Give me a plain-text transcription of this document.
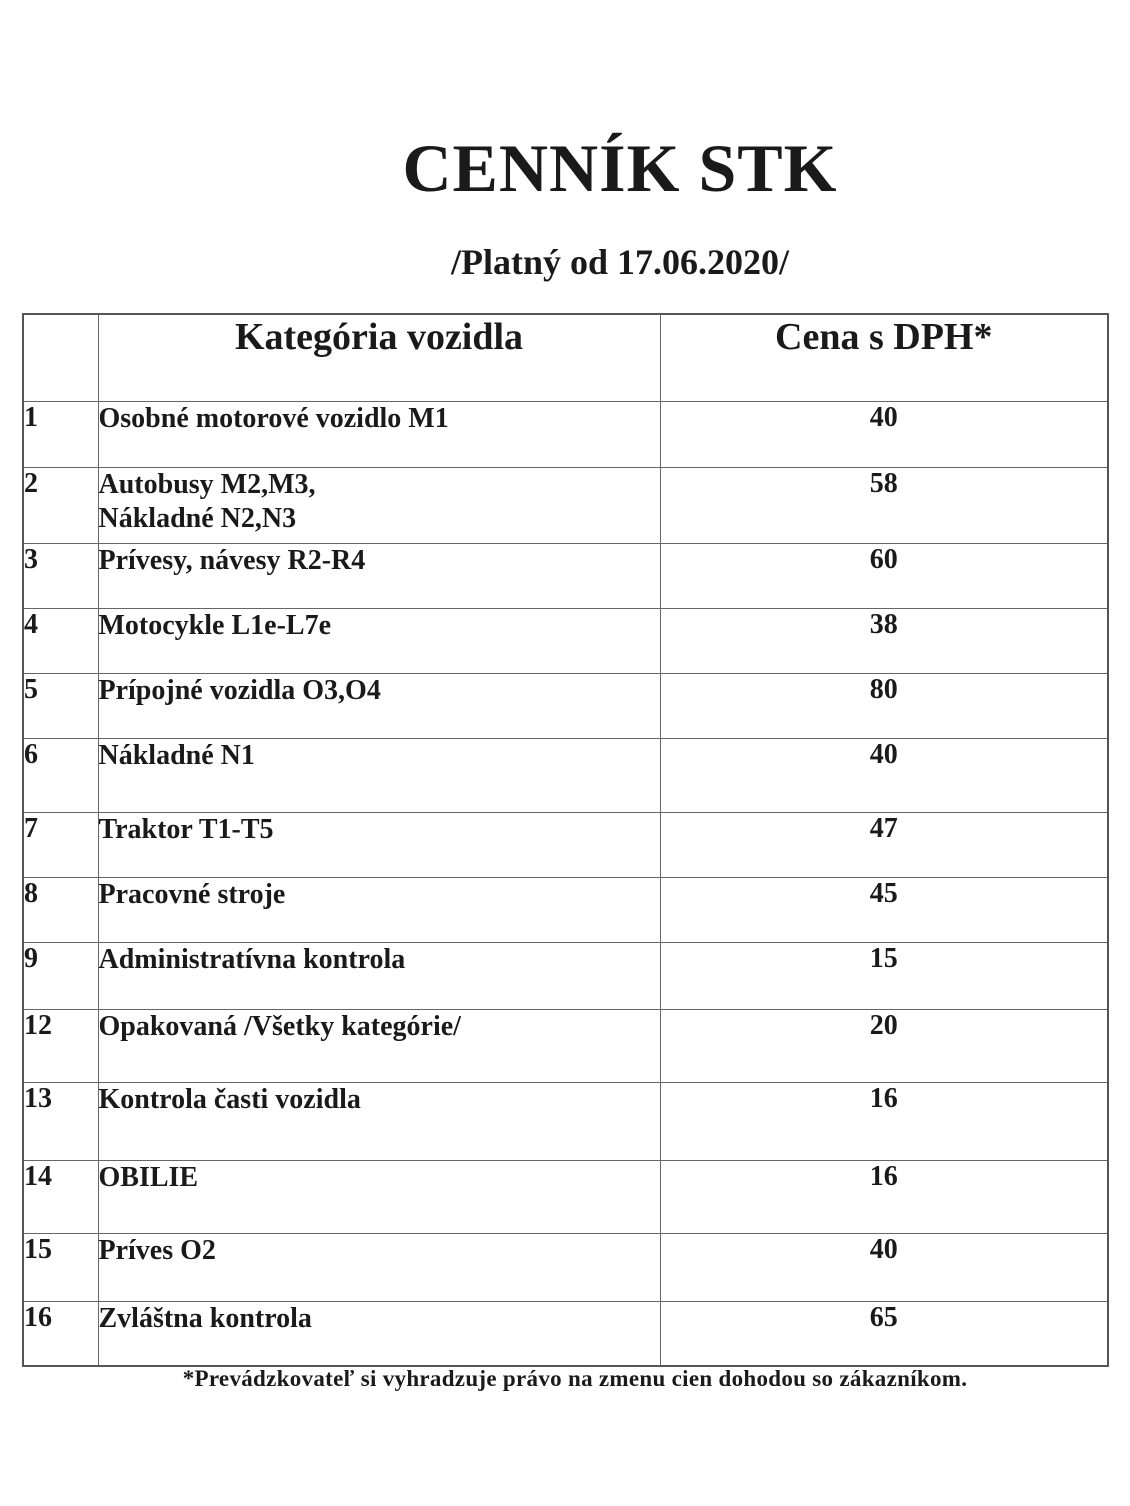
CENNÍK STK
/Platný od 17.06.2020/
	Kategória vozidla	Cena s DPH*
1	Osobné motorové vozidlo M1	40
2	Autobusy M2,M3,
Nákladné N2,N3	58
3	Prívesy, návesy R2-R4	60
4	Motocykle L1e-L7e	38
5	Prípojné vozidla O3,O4	80
6	Nákladné N1	40
7	Traktor T1-T5	47
8	Pracovné stroje	45
9	Administratívna kontrola	15
12	Opakovaná /Všetky kategórie/	20
13	Kontrola časti vozidla	16
14	OBILIE	16
15	Príves O2	40
16	Zvláštna kontrola	65
*Prevádzkovateľ si vyhradzuje právo na zmenu cien dohodou so zákazníkom.
